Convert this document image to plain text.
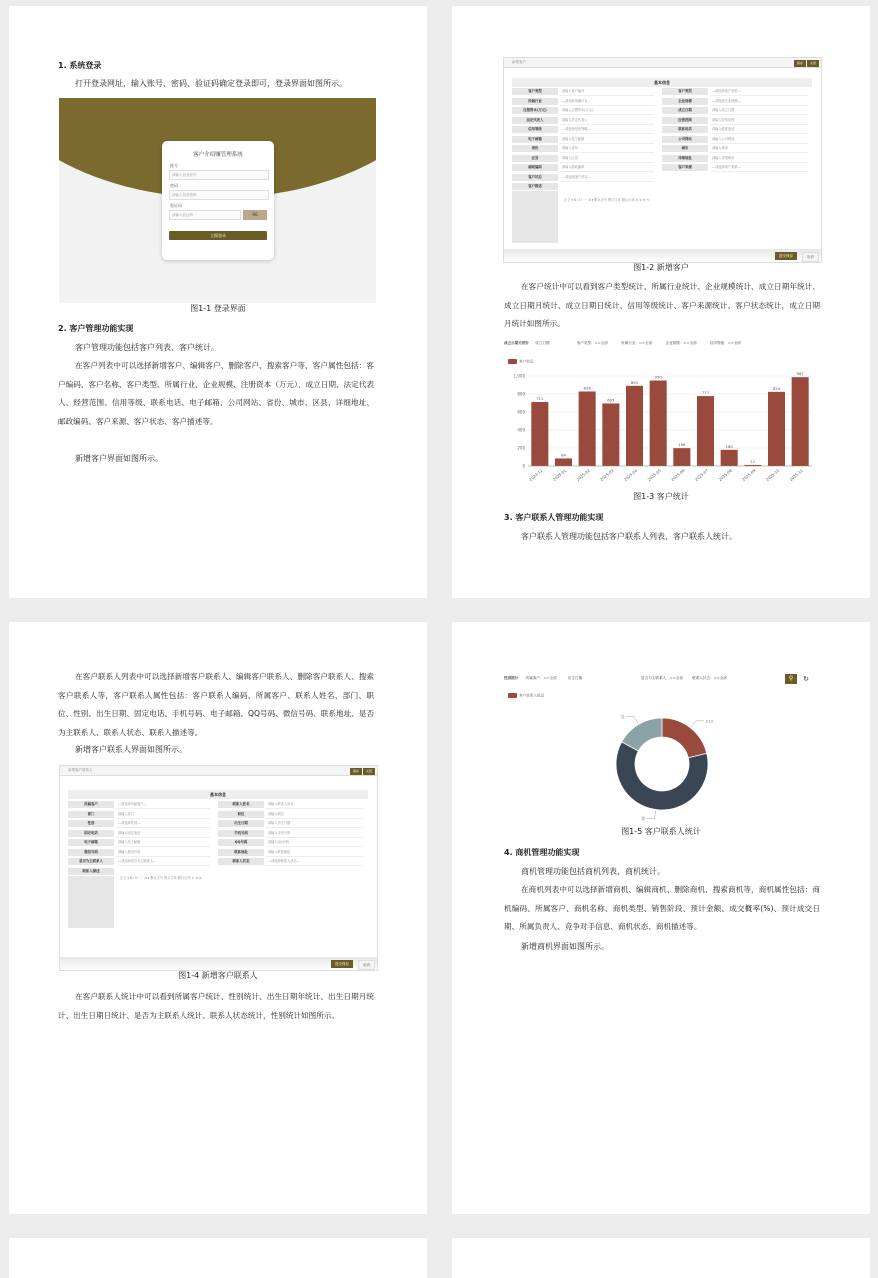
1. 系统登录
打开登录网址，输入账号、密码、验证码确定登录即可，登录界面如图所示。
客户介绍赚管理系统
账号
请输入登录账号
密码
请输入登录密码
验证码
请输入验证码	R6
立即登录
图1-1 登录界面
2. 客户管理功能实现
客户管理功能包括客户列表、客户统计。
在客户列表中可以选择新增客户、编辑客户、删除客户、搜索客户等，客户属性包括：客户编码、客户名称、客户类型、所属行业、企业规模、注册资本（万元）、成立日期、法定代表人、经营范围、信用等级、联系电话、电子邮箱、公司网站、省份、城市、区县、详细地址、邮政编码、客户来源、客户状态、客户描述等。
新增客户界面如图所示。
新增客户	保存 关闭
基本信息
客户类型	请输入客户编号	客户类型	—请选择客户类型—
所属行业	—请选择所属行业—	企业规模	—请选择企业规模—
注册资本(万元)	请输入注册资本(万元)	成立日期	请输入成立日期
法定代表人	请输入法定代表人	经营范围	请输入经营范围
信用等级	—请选择信用等级—	联系电话	请输入联系电话
电子邮箱	请输入电子邮箱	公司网站	请输入公司网站
省份	请输入省份	城市	请输入城市
区县	请输入区县	详细地址	请输入详细地址
邮政编码	请输入邮政编码	客户来源	—请选择客户来源—
客户状态	—请选择客户状态—
客户描述
正文 ▾ B I U · ··· A ▾ 默认字号 默认字体 默认行高 ≡ ≡ ⊕ ⟲
提交保存	取消
图1-2 新增客户
在客户统计中可以看到客户类型统计、所属行业统计、企业规模统计、成立日期年统计、成立日期月统计、成立日期日统计、信用等级统计、客户来源统计、客户状态统计，成立日期月统计如图所示。
成立日期月统计 成立日期	客户类型：==全部	所属行业：==全部	企业规模：==全部	信用等级：==全部
客户数量
0
200
400
600
800
1,000
711
2024-12
84
2025-01
828
2025-02
695
2025-03
891
2025-04
950
2025-05
198
2025-06
777
2025-07
180
2025-08
12
2025-09
824
2025-10
987
2025-11
图1-3 客户统计
3. 客户联系人管理功能实现
客户联系人管理功能包括客户联系人列表、客户联系人统计。
在客户联系人列表中可以选择新增客户联系人、编辑客户联系人、删除客户联系人、搜索客户联系人等，客户联系人属性包括：客户联系人编码、所属客户、联系人姓名、部门、职位、性别、出生日期、固定电话、手机号码、电子邮箱、QQ号码、微信号码、联系地址、是否为主联系人、联系人状态、联系人描述等。
新增客户联系人界面如图所示。
新增客户联系人	保存 关闭
基本信息
所属客户	—请选择所属客户—	联系人姓名	请输入联系人姓名
部门	请输入部门	职位	请输入职位
性别	—请选择性别—	出生日期	请输入出生日期
固定电话	请输入固定电话	手机号码	请输入手机号码
电子邮箱	请输入电子邮箱	QQ号码	请输入QQ号码
微信号码	请输入微信号码	联系地址	请输入联系地址
是否为主联系人	—请选择是否为主联系人—	联系人状态	—请选择联系人状态—
联系人描述
正文 ▾ B I U · ··· A ▾ 默认字号 默认字体 默认行高 ≡ ≡ ⊕
提交保存	取消
图1-4 新增客户联系人
在客户联系人统计中可以看到所属客户统计、性别统计、出生日期年统计、出生日期月统计、出生日期日统计、是否为主联系人统计、联系人状态统计，性别统计如图所示。
性别统计 所属客户：==全部	出生日期：	是否为主联系人：==全部	联系人状态：==全部	⚲	↻
客户联系人数量
213
男
女
图1-5 客户联系人统计
4. 商机管理功能实现
商机管理功能包括商机列表、商机统计。
在商机列表中可以选择新增商机、编辑商机、删除商机、搜索商机等，商机属性包括：商机编码、所属客户、商机名称、商机类型、销售阶段、预计金额、成交概率(%)、预计成交日期、所属负责人、竞争对手信息、商机状态、商机描述等。
新增商机界面如图所示。
